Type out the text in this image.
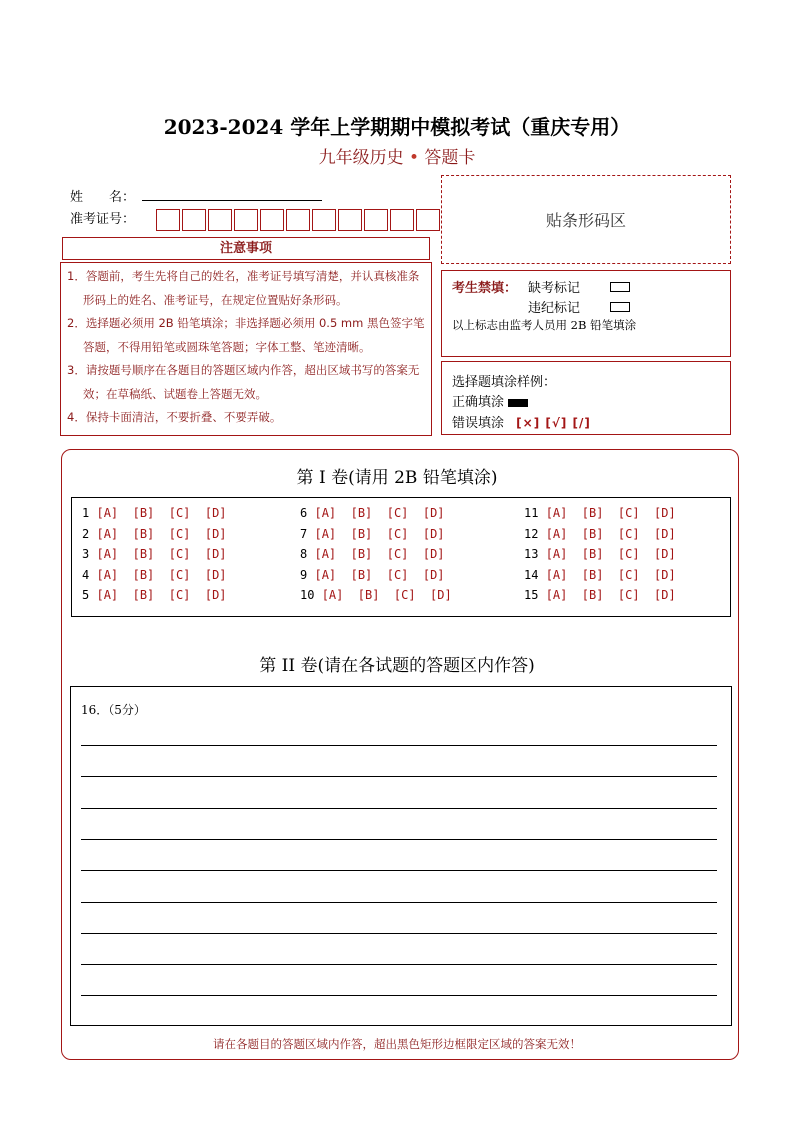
2023-2024 学年上学期期中模拟考试（重庆专用）
九年级历史 • 答题卡
姓　　名：
准考证号：	贴条形码区
注意事项
1．答题前，考生先将自己的姓名，准考证号填写清楚，并认真核准条形码上的姓名、准考证号，在规定位置贴好条形码。
2．选择题必须用 2B 铅笔填涂；非选择题必须用 0.5 mm 黑色签字笔答题，不得用铅笔或圆珠笔答题；字体工整、笔迹清晰。
3．请按题号顺序在各题目的答题区域内作答，超出区域书写的答案无效；在草稿纸、试题卷上答题无效。
4．保持卡面清洁，不要折叠、不要弄破。
考生禁填： 缺考标记
违纪标记
以上标志由监考人员用 2B 铅笔填涂
选择题填涂样例：
正确填涂
错误填涂 [×] [√] [/]
第 I 卷(请用 2B 铅笔填涂)
1 [A]  [B]  [C]  [D]
2 [A]  [B]  [C]  [D]
3 [A]  [B]  [C]  [D]
4 [A]  [B]  [C]  [D]
5 [A]  [B]  [C]  [D]
6 [A]  [B]  [C]  [D]
7 [A]  [B]  [C]  [D]
8 [A]  [B]  [C]  [D]
9 [A]  [B]  [C]  [D]
10 [A]  [B]  [C]  [D]
11 [A]  [B]  [C]  [D]
12 [A]  [B]  [C]  [D]
13 [A]  [B]  [C]  [D]
14 [A]  [B]  [C]  [D]
15 [A]  [B]  [C]  [D]
第 II 卷(请在各试题的答题区内作答)
16．（5分）
请在各题目的答题区域内作答，超出黑色矩形边框限定区域的答案无效！
